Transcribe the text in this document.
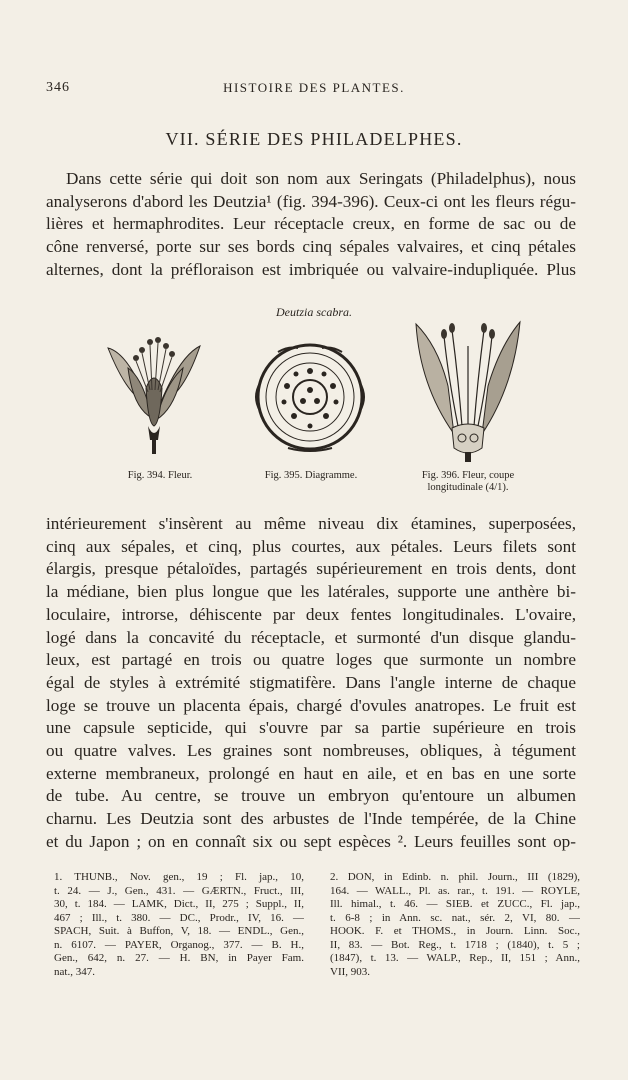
346	HISTOIRE DES PLANTES.
VII. SÉRIE DES PHILADELPHES.
Dans cette série qui doit son nom aux Seringats (Philadelphus), nous
analyserons d'abord les Deutzia¹ (fig. 394-396). Ceux-ci ont les fleurs régu-
lières et hermaphrodites. Leur réceptacle creux, en forme de sac ou de
cône renversé, porte sur ses bords cinq sépales valvaires, et cinq pétales
alternes, dont la préfloraison est imbriquée ou valvaire-indupliquée. Plus
Deutzia scabra.
Fig. 394. Fleur.	Fig. 395. Diagramme.	Fig. 396. Fleur, coupe
longitudinale (4/1).
intérieurement s'insèrent au même niveau dix étamines, superposées,
cinq aux sépales, et cinq, plus courtes, aux pétales. Leurs filets sont
élargis, presque pétaloïdes, partagés supérieurement en trois dents, dont
la médiane, bien plus longue que les latérales, supporte une anthère bi-
loculaire, introrse, déhiscente par deux fentes longitudinales. L'ovaire,
logé dans la concavité du réceptacle, et surmonté d'un disque glandu-
leux, est partagé en trois ou quatre loges que surmonte un nombre
égal de styles à extrémité stigmatifère. Dans l'angle interne de chaque
loge se trouve un placenta épais, chargé d'ovules anatropes. Le fruit est
une capsule septicide, qui s'ouvre par sa partie supérieure en trois
ou quatre valves. Les graines sont nombreuses, obliques, à tégument
externe membraneux, prolongé en haut en aile, et en bas en une sorte
de tube. Au centre, se trouve un embryon qu'entoure un albumen
charnu. Les Deutzia sont des arbustes de l'Inde tempérée, de la Chine
et du Japon ; on en connaît six ou sept espèces ². Leurs feuilles sont op-
1. THUNB., Nov. gen., 19 ; Fl. jap., 10,
t. 24. — J., Gen., 431. — GÆRTN., Fruct., III,
30, t. 184. — LAMK, Dict., II, 275 ; Suppl., II,
467 ; Ill., t. 380. — DC., Prodr., IV, 16. —
SPACH, Suit. à Buffon, V, 18. — ENDL., Gen.,
n. 6107. — PAYER, Organog., 377. — B. H.,
Gen., 642, n. 27. — H. BN, in Payer Fam.
nat., 347.
2. DON, in Edinb. n. phil. Journ., III (1829),
164. — WALL., Pl. as. rar., t. 191. — ROYLE,
Ill. himal., t. 46. — SIEB. et ZUCC., Fl. jap.,
t. 6-8 ; in Ann. sc. nat., sér. 2, VI, 80. —
HOOK. F. et THOMS., in Journ. Linn. Soc.,
II, 83. — Bot. Reg., t. 1718 ; (1840), t. 5 ;
(1847), t. 13. — WALP., Rep., II, 151 ; Ann.,
VII, 903.
